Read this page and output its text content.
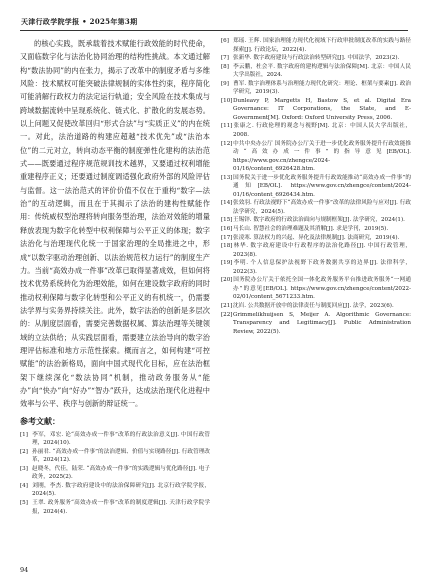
天津行政学院学报 • 2025年第3期

的核心实践，既承载着技术赋能行政效能的时代使命，又面临数字化与法治化协同治理的结构性挑战。本文通过解构“数法协同”的内在张力，揭示了改革中的制度矛盾与多维风险：技术赋权可能突破法律规制的实体性约束，程序简化可能消解行政权力的法定运行轨道；安全风险在技术集成与跨域数据流转中呈现系统化、链式化、扩散化的发展态势。以上问题又促使改革回归“形式合法”与“实质正义”的内在统一。对此，法治道路的构建应超越“技术优先”或“法治本位”的二元对立，转向动态平衡的制度弹性化建构的法治范式——既要通过程序规范规训技术越界，又要通过权利增能重建程序正义；还要通过制度调适强化政府外部的风险评估与监督。这一法治范式的评价价值不仅在于重构“数字—法治”的互动逻辑，而且在于其揭示了法治的建构性赋能作用：传统威权型治理将转向服务型治理，法治对效能的增量释放表现为数字化转型中权利保障与公平正义的体现；数字法治化与治理现代化统一于国家治理的全局推进之中，形成“以数字驱动治理创新、以法治规范权力运行”的制度生产力。当前“高效办成一件事”改革已取得显著成效，但如何将技术优势系统转化为治理效能，如何在建设数字政府的同时推动权利保障与数字化转型和公平正义的有机统一，仍需要法学界与实务界持续关注。此外，数字法治的创新是多层次的：从制度层面看，需要完善数据权属、算法治理等关键领域的立法供给；从实践层面看，需要建立法治导向的数字治理评估标准和地方示范性探索。概而言之，如何构建“可控赋能”的法治新格局，面向中国式现代化目标，应在法治框架下继续深化“数法协同”机制，推动政务服务从“能办”向“快办”向“好办”“智办”跃升，达成法治现代化进程中效率与公平、秩序与创新的辩证统一。

参考文献：

[1] 李军，邓宏. 论“高效办成一件事”改革的行政法治意义[J]. 中国行政管理，2024(10).

[2] 孙丽君. “高效办成一件事”的法治逻辑、价值与实现路径[J]. 行政管理改革，2024(12).

[3] 赵晓冬，代佳，陆荣. “高效办成一件事”的实践逻辑与优化路径[J]. 电子政务，2025(2).

[4] 刘刚，李杰. 数字政府建设中的法治保障研究[J]. 北京行政学院学报，2024(5).

[5] 王翠. 政务服务“高效办成一件事”改革的制度逻辑[J]. 天津行政学院学报，2024(4).

[6] 郑瑶. 王辉. 国家治理能力现代化视域下行政审批制度改革的实践与路径探索[J]. 行政论坛，2022(4).

[7] 张新华. 数字政府建设与行政法治转型研究[J]. 中国法学，2023(2).

[8] 李云鹏，杜会平. 数字政府的建构逻辑与法治保障[M]. 北京：中国人民大学出版社，2024.

[9] 曹军. 数字治理体系与治理能力现代化研究：理论、框架与要素[J]. 政治学研究，2019(3).

[10]Dunleavy P, Margetts H, Bastow S, et al. Digital Era Governance: IT Corporations, the State, and E-Government[M]. Oxford: Oxford University Press, 2006.

[11]张康之. 行政伦理的观念与视野[M]. 北京：中国人民大学出版社，2008.

[12]中共中央办公厅 国务院办公厅关于进一步优化政务服务提升行政效能推动“高效办成一件事”的指导意见[EB/OL]. https://www.gov.cn/zhengce/2024-01/16/content_6926428.htm.

[13]国务院关于进一步优化政务服务提升行政效能推动“高效办成一件事”的通知[EB/OL]. https://www.gov.cn/zhengce/content/2024-01/16/content_6926434.htm.

[14]张效羽. 行政法视野下“高效办成一件事”改革的法律风险与应对[J]. 行政法学研究，2024(5).

[15]王锡锌. 数字政府的行政法治面向与规制框架[J]. 法学研究，2024(1).

[16]马长山. 智慧社会的治理难题及其消解[J]. 求是学刊，2019(5).

[17]张凌寒. 算法权力的兴起、异化及法律规制[J]. 法商研究，2019(4).

[18]林华. 数字政府建设中行政程序的法治化路径[J]. 中国行政管理，2023(8).

[19]李明. 个人信息保护法视野下政务数据共享的边界[J]. 法律科学，2022(3).

[20]国务院办公厅关于依托全国一体化政务服务平台推进政务服务“一网通办”的意见[EB/OL]. https://www.gov.cn/zhengce/content/2022-02/01/content_5671233.htm.

[21]沈岿. 公共数据开放中的法律责任与制度回应[J]. 法学，2023(6).

[22]Grimmelikhuijsen S, Meijer A. Algorithmic Governance: Transparency and Legitimacy[J]. Public Administration Review, 2022(5).

94
